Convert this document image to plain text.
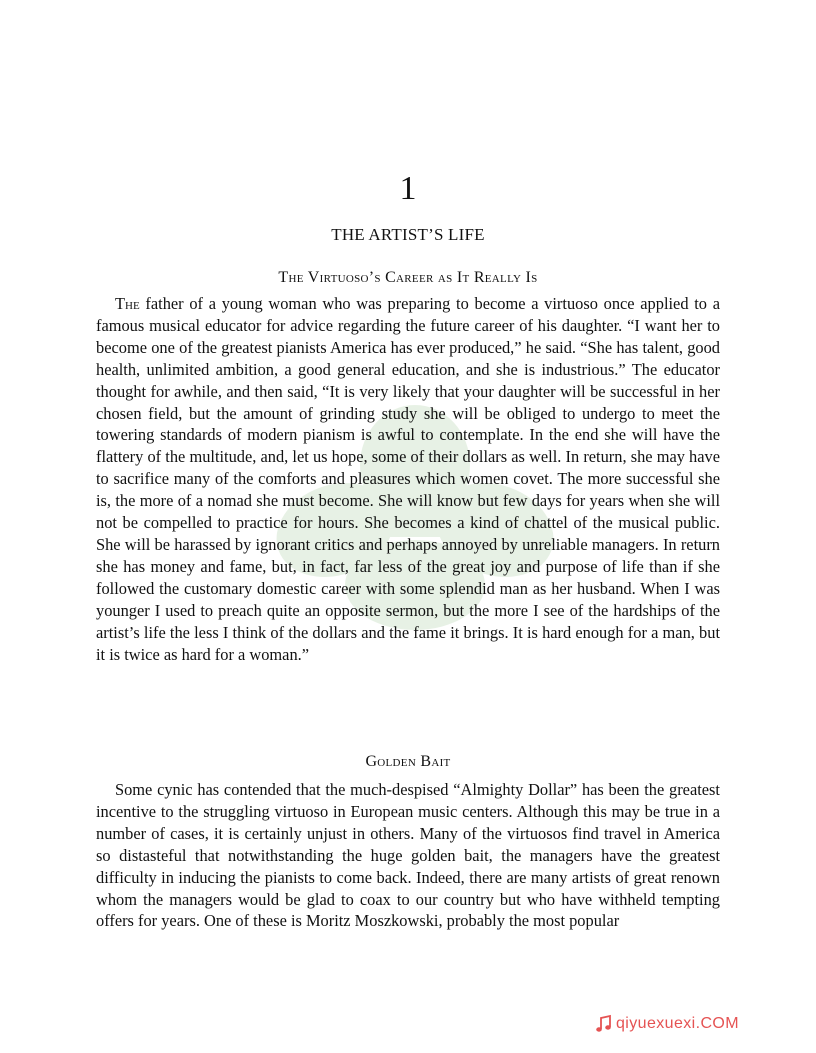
1
THE ARTIST’S LIFE
The Virtuoso’s Career as It Really Is

The father of a young woman who was preparing to become a virtuoso once applied to a famous musical educator for advice regarding the future career of his daughter. “I want her to become one of the greatest pianists America has ever produced,” he said. “She has talent, good health, unlimited ambition, a good general education, and she is industrious.” The educator thought for awhile, and then said, “It is very likely that your daughter will be successful in her chosen field, but the amount of grinding study she will be obliged to undergo to meet the towering standards of modern pianism is awful to contemplate. In the end she will have the flattery of the multitude, and, let us hope, some of their dollars as well. In return, she may have to sacrifice many of the comforts and pleasures which women covet. The more successful she is, the more of a nomad she must become. She will know but few days for years when she will not be compelled to practice for hours. She becomes a kind of chattel of the musical public. She will be harassed by ignorant critics and perhaps annoyed by unreliable managers. In return she has money and fame, but, in fact, far less of the great joy and purpose of life than if she followed the customary domestic career with some splendid man as her husband. When I was younger I used to preach quite an opposite sermon, but the more I see of the hardships of the artist’s life the less I think of the dollars and the fame it brings. It is hard enough for a man, but it is twice as hard for a woman.”

Golden Bait

Some cynic has contended that the much-despised “Almighty Dollar” has been the greatest incentive to the struggling virtuoso in European music centers. Although this may be true in a number of cases, it is certainly unjust in others. Many of the virtuosos find travel in America so distasteful that notwithstanding the huge golden bait, the managers have the greatest difficulty in inducing the pianists to come back. Indeed, there are many artists of great renown whom the managers would be glad to coax to our country but who have withheld tempting offers for years. One of these is Moritz Moszkowski, probably the most popular

qiyuexuexi.COM
